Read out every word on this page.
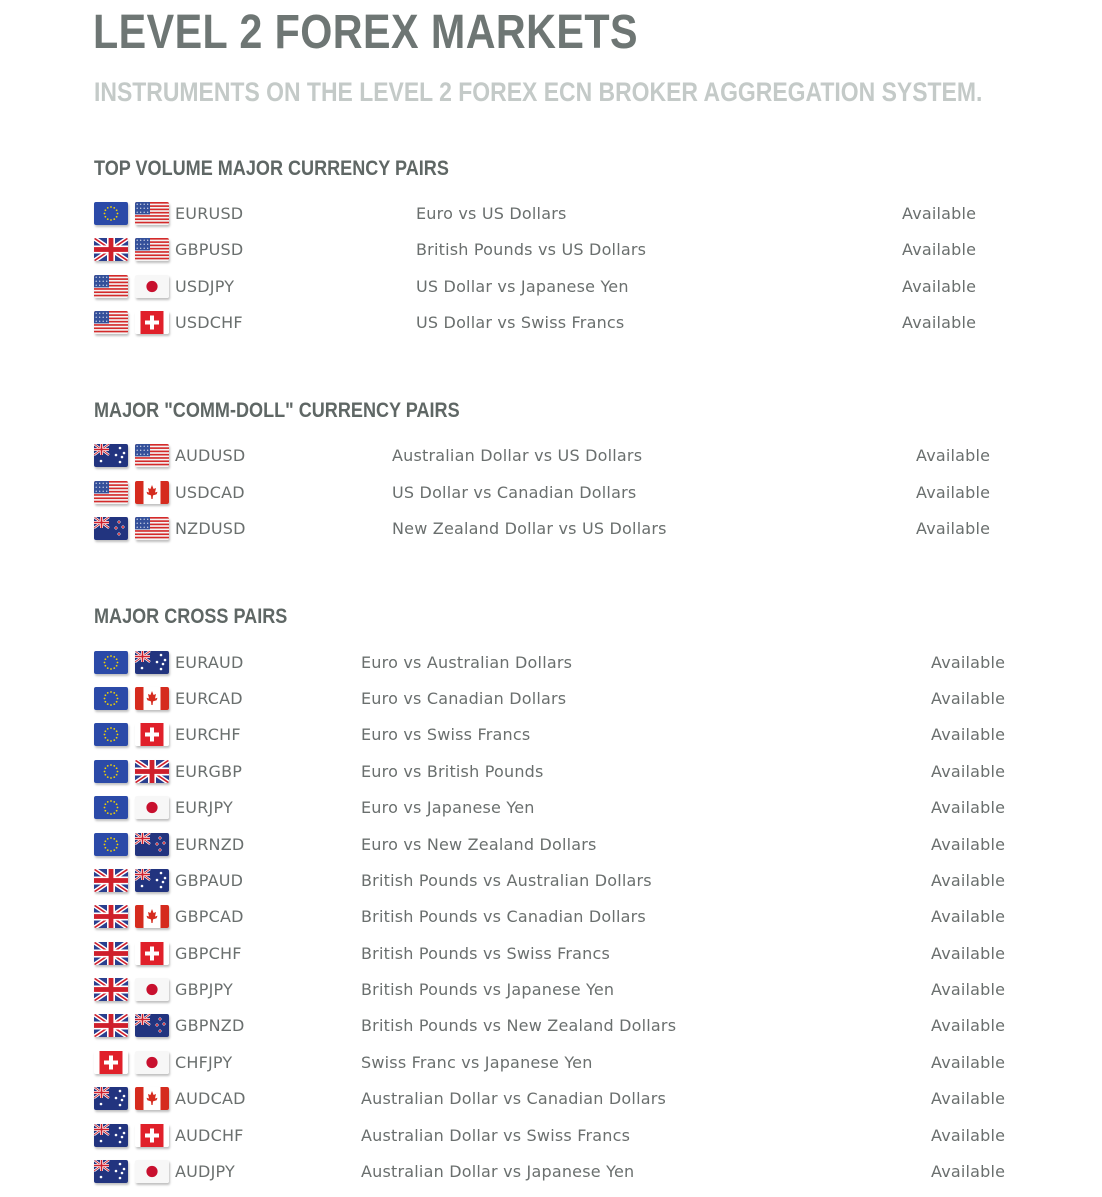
LEVEL 2 FOREX MARKETS
INSTRUMENTS ON THE LEVEL 2 FOREX ECN BROKER AGGREGATION SYSTEM.
TOP VOLUME MAJOR CURRENCY PAIRS
EURUSD	Euro vs US Dollars	Available
GBPUSD	British Pounds vs US Dollars	Available
USDJPY	US Dollar vs Japanese Yen	Available
USDCHF	US Dollar vs Swiss Francs	Available
MAJOR "COMM-DOLL" CURRENCY PAIRS
AUDUSD	Australian Dollar vs US Dollars	Available
USDCAD	US Dollar vs Canadian Dollars	Available
NZDUSD	New Zealand Dollar vs US Dollars	Available
MAJOR CROSS PAIRS
EURAUD	Euro vs Australian Dollars	Available
EURCAD	Euro vs Canadian Dollars	Available
EURCHF	Euro vs Swiss Francs	Available
EURGBP	Euro vs British Pounds	Available
EURJPY	Euro vs Japanese Yen	Available
EURNZD	Euro vs New Zealand Dollars	Available
GBPAUD	British Pounds vs Australian Dollars	Available
GBPCAD	British Pounds vs Canadian Dollars	Available
GBPCHF	British Pounds vs Swiss Francs	Available
GBPJPY	British Pounds vs Japanese Yen	Available
GBPNZD	British Pounds vs New Zealand Dollars	Available
CHFJPY	Swiss Franc vs Japanese Yen	Available
AUDCAD	Australian Dollar vs Canadian Dollars	Available
AUDCHF	Australian Dollar vs Swiss Francs	Available
AUDJPY	Australian Dollar vs Japanese Yen	Available
